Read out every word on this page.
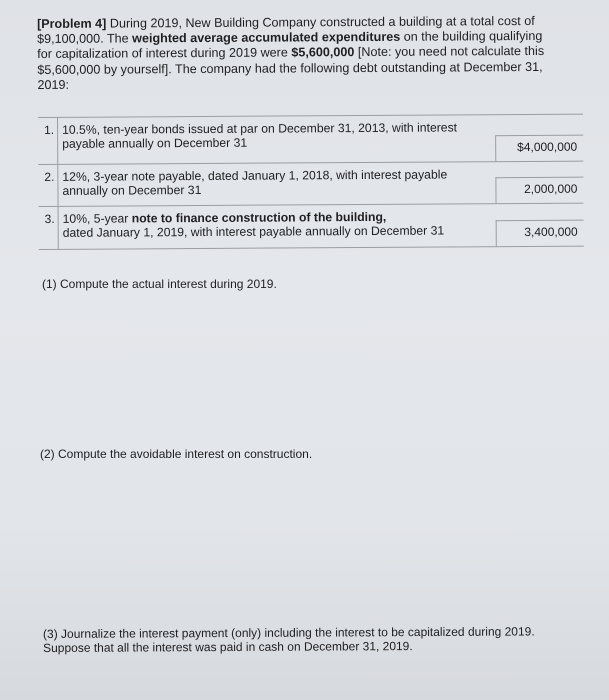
[Problem 4] During 2019, New Building Company constructed a building at a total cost of $9,100,000. The weighted average accumulated expenditures on the building qualifying for capitalization of interest during 2019 were $5,600,000 [Note: you need not calculate this $5,600,000 by yourself]. The company had the following debt outstanding at December 31, 2019:
1. 10.5%, ten-year bonds issued at par on December 31, 2013, with interest
payable annually on December 31	$4,000,000
2. 12%, 3-year note payable, dated January 1, 2018, with interest payable
annually on December 31	2,000,000
3. 10%, 5-year note to finance construction of the building,
dated January 1, 2019, with interest payable annually on December 31	3,400,000
(1) Compute the actual interest during 2019.
(2) Compute the avoidable interest on construction.
(3) Journalize the interest payment (only) including the interest to be capitalized during 2019. Suppose that all the interest was paid in cash on December 31, 2019.
